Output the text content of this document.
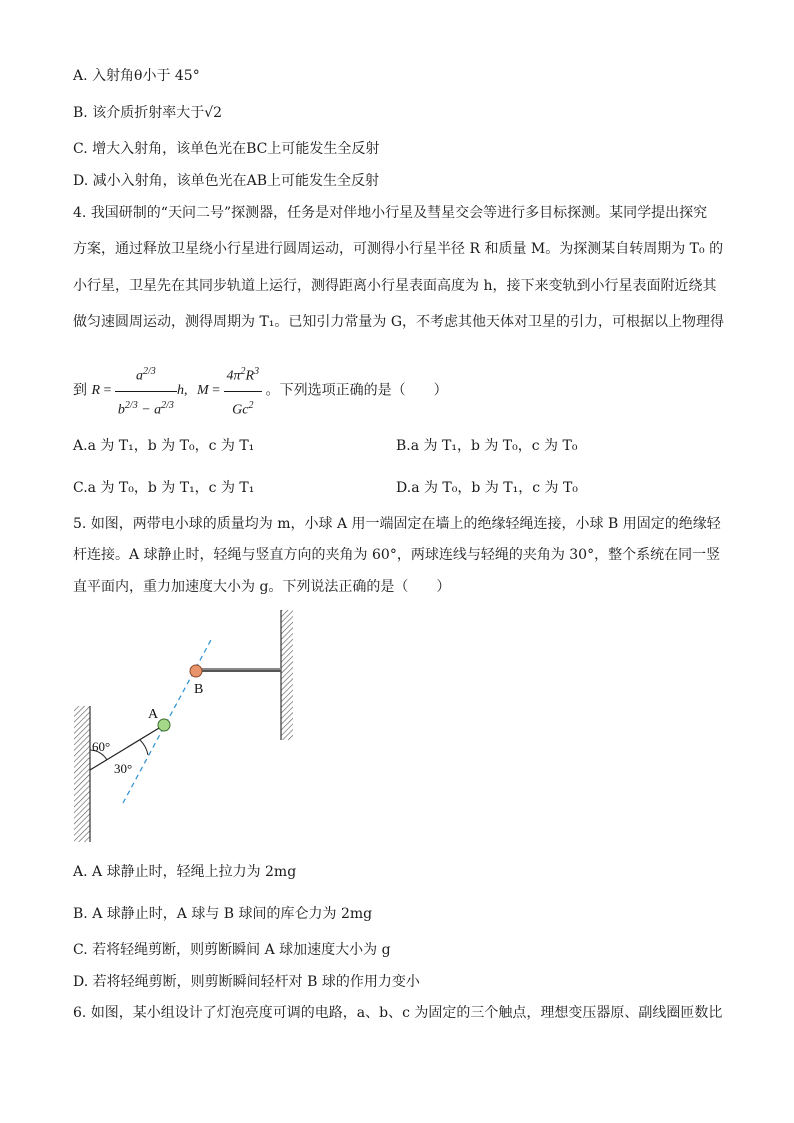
A. 入射角θ小于 45°
B. 该介质折射率大于√2
C. 增大入射角，该单色光在BC上可能发生全反射
D. 减小入射角，该单色光在AB上可能发生全反射
4. 我国研制的“天问二号”探测器，任务是对伴地小行星及彗星交会等进行多目标探测。某同学提出探究
方案，通过释放卫星绕小行星进行圆周运动，可测得小行星半径 R 和质量 M。为探测某自转周期为 T₀ 的
小行星，卫星先在其同步轨道上运行，测得距离小行星表面高度为 h，接下来变轨到小行星表面附近绕其
做匀速圆周运动，测得周期为 T₁。已知引力常量为 G，不考虑其他天体对卫星的引力，可根据以上物理得
到 $R = \frac{a^{2/3}}{b^{2/3} - a^{2/3}} h$, $M = \frac{4\pi^2R^3}{Gc^2}$ 。下列选项正确的是（　　）
A.a 为 T₁，b 为 T₀，c 为 T₁	B.a 为 T₁，b 为 T₀，c 为 T₀
C.a 为 T₀，b 为 T₁，c 为 T₁	D.a 为 T₀，b 为 T₁，c 为 T₀
5. 如图，两带电小球的质量均为 m，小球 A 用一端固定在墙上的绝缘轻绳连接，小球 B 用固定的绝缘轻
杆连接。A 球静止时，轻绳与竖直方向的夹角为 60°，两球连线与轻绳的夹角为 30°，整个系统在同一竖
直平面内，重力加速度大小为 g。下列说法正确的是（　　）
B
A
60°
30°
A. A 球静止时，轻绳上拉力为 2mg
B. A 球静止时，A 球与 B 球间的库仑力为 2mg
C. 若将轻绳剪断，则剪断瞬间 A 球加速度大小为 g
D. 若将轻绳剪断，则剪断瞬间轻杆对 B 球的作用力变小
6. 如图，某小组设计了灯泡亮度可调的电路，a、b、c 为固定的三个触点，理想变压器原、副线圈匝数比
